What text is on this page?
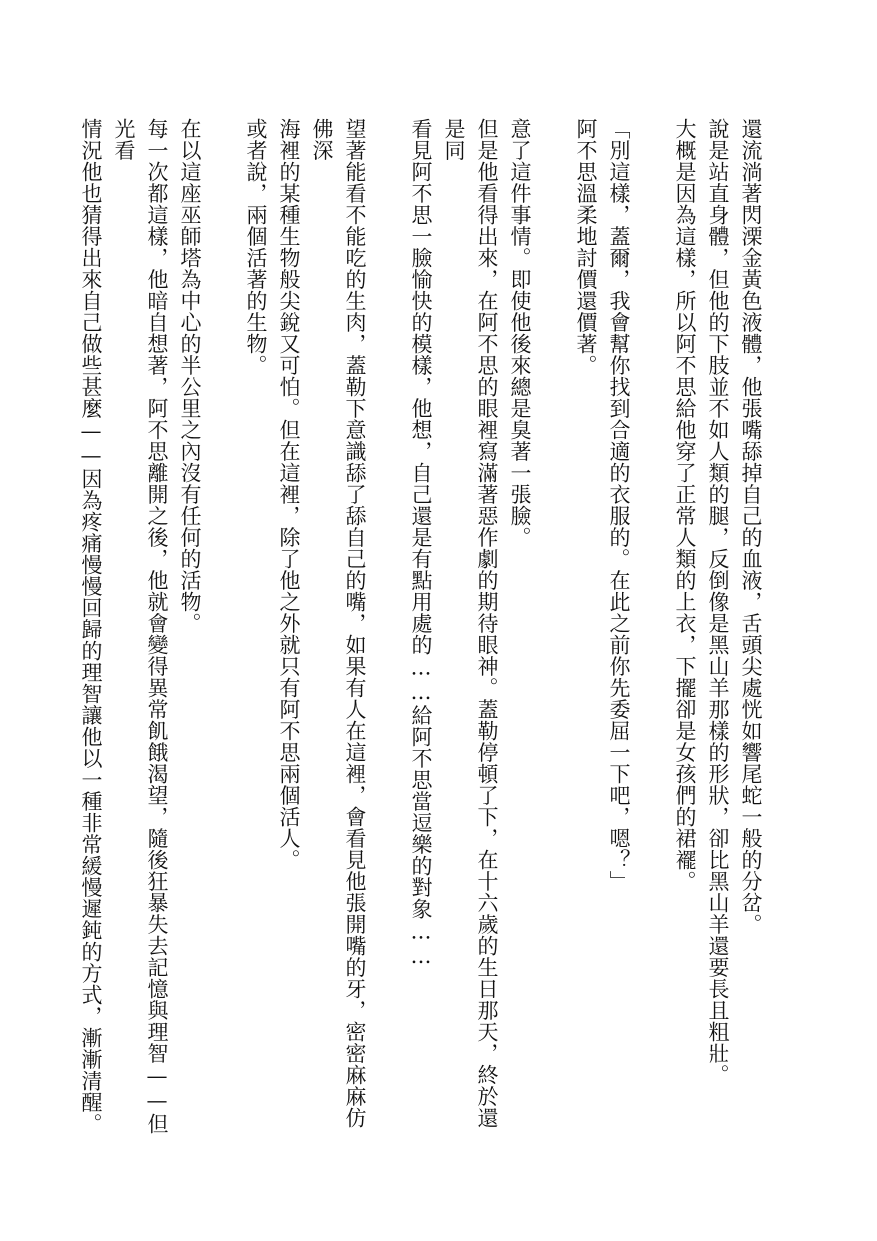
還流淌著閃溧金黃色液體，他張嘴舔掉自己的血液，舌頭尖處恍如響尾蛇一般的分岔。

說是站直身體，但他的下肢並不如人類的腿，反倒像是黑山羊那樣的形狀，卻比黑山羊還要長且粗壯。

大概是因為這樣，所以阿不思給他穿了正常人類的上衣，下擺卻是女孩們的裙襬。

「別這樣，蓋爾，我會幫你找到合適的衣服的。在此之前你先委屈一下吧，嗯？」

阿不思溫柔地討價還價著。

意了這件事情。即使他後來總是臭著一張臉。

但是他看得出來，在阿不思的眼裡寫滿著惡作劇的期待眼神。蓋勒停頓了下，在十六歲的生日那天，終於還是同

看見阿不思一臉愉快的模樣，他想，自己還是有點用處的……給阿不思當逗樂的對象……

望著能看不能吃的生肉，蓋勒下意識舔了舔自己的嘴，如果有人在這裡，會看見他張開嘴的牙，密密麻麻仿佛深

海裡的某種生物般尖銳又可怕。但在這裡，除了他之外就只有阿不思兩個活人。

或者說，兩個活著的生物。

在以這座巫師塔為中心的半公里之內沒有任何的活物。

每一次都這樣，他暗自想著，阿不思離開之後，他就會變得異常飢餓渴望，隨後狂暴失去記憶與理智——但光看

情況他也猜得出來自己做些甚麼——因為疼痛慢慢回歸的理智讓他以一種非常緩慢遲鈍的方式，漸漸清醒。
